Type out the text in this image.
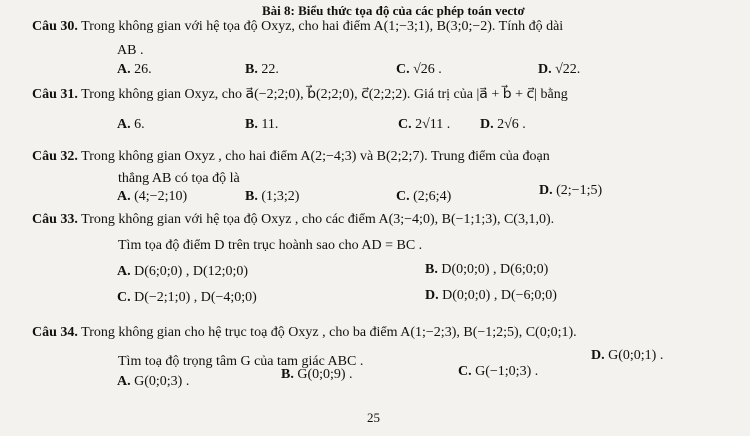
Bài 8: Biểu thức tọa độ của các phép toán vectơ
Câu 30. Trong không gian với hệ tọa độ Oxyz, cho hai điểm A(1;−3;1), B(3;0;−2). Tính độ dài
AB .
A. 26.	B. 22.	C. √26 .	D. √22.
Câu 31. Trong không gian Oxyz, cho a⃗(−2;2;0), b⃗(2;2;0), c⃗(2;2;2). Giá trị của |a⃗ + b⃗ + c⃗| bằng
A. 6.	B. 11.	C. 2√11 . D. 2√6 .
Câu 32. Trong không gian Oxyz , cho hai điểm A(2;−4;3) và B(2;2;7). Trung điểm của đoạn
thẳng AB có tọa độ là
A. (4;−2;10)	B. (1;3;2)	C. (2;6;4)	D. (2;−1;5)
Câu 33. Trong không gian với hệ tọa độ Oxyz , cho các điểm A(3;−4;0), B(−1;1;3), C(3,1,0).
Tìm tọa độ điểm D trên trục hoành sao cho AD = BC .
A. D(6;0;0) , D(12;0;0)	B. D(0;0;0) , D(6;0;0)
C. D(−2;1;0) , D(−4;0;0)	D. D(0;0;0) , D(−6;0;0)
Câu 34. Trong không gian cho hệ trục toạ độ Oxyz , cho ba điểm A(1;−2;3), B(−1;2;5), C(0;0;1).
Tìm toạ độ trọng tâm G của tam giác ABC .
A. G(0;0;3) .	B. G(0;0;9) .	C. G(−1;0;3) .
D. G(0;0;1) .
25
